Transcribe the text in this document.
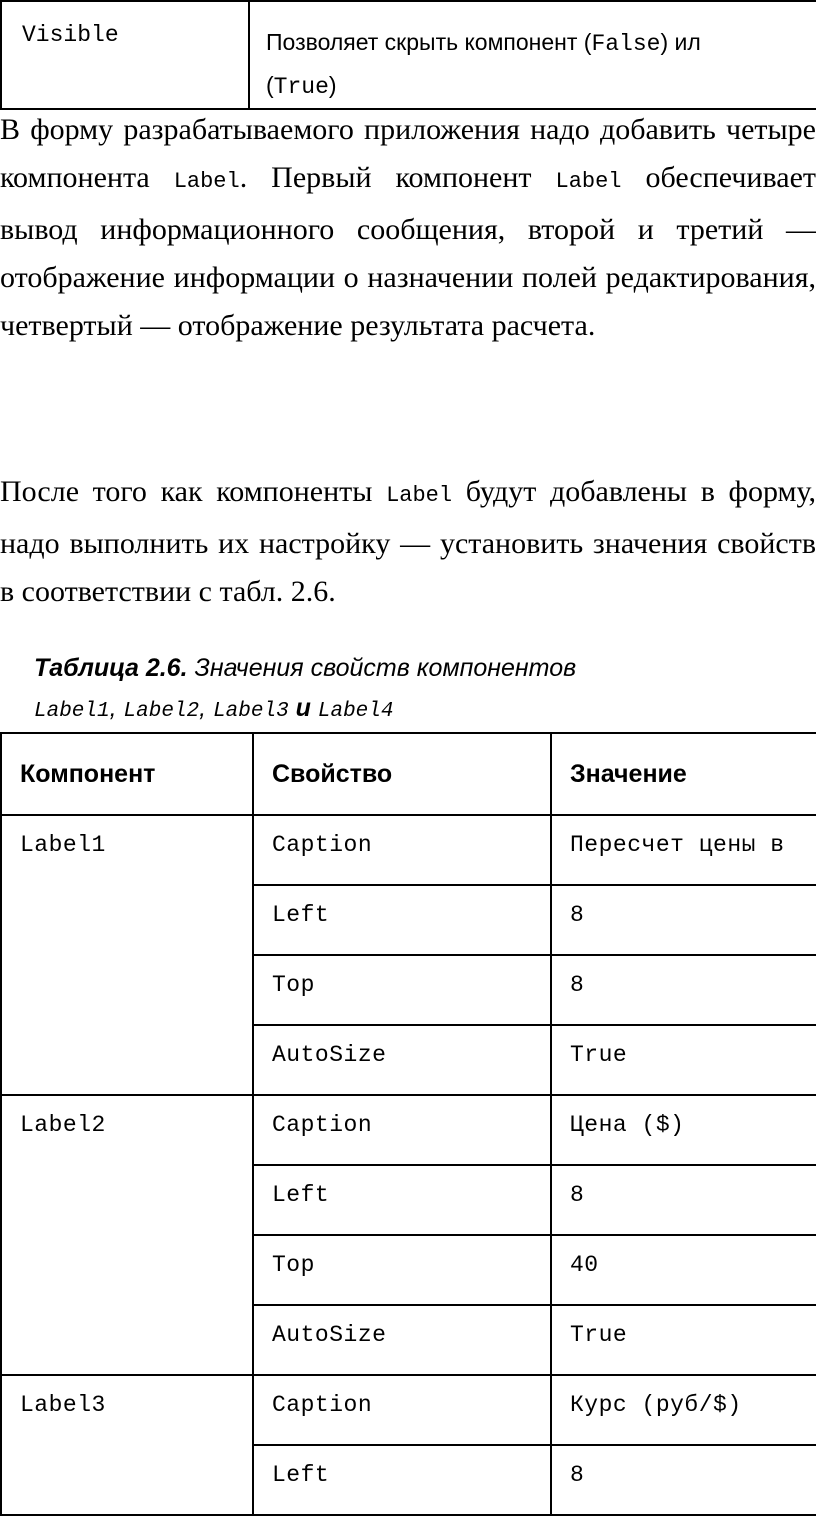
Visible	Позволяет скрыть компонент (False) ил
(True)

В форму разрабатываемого приложения надо добавить четыре компонента Label. Первый компонент Label обеспечивает вывод информационного сообщения, второй и третий — отображение информации о назначении полей редактирования, четвертый — отображение результата расчета.

После того как компоненты Label будут добавлены в форму, надо выполнить их настройку — установить значения свойств в соответствии с табл. 2.6.

Таблица 2.6. Значения свойств компонентов
Label1, Label2, Label3 и Label4
Компонент	Свойство	Значение
Label1	Caption	Пересчет цены в
	Left	8
	Top	8
	AutoSize	True
Label2	Caption	Цена ($)
	Left	8
	Top	40
	AutoSize	True
Label3	Caption	Курс (руб/$)
	Left	8
